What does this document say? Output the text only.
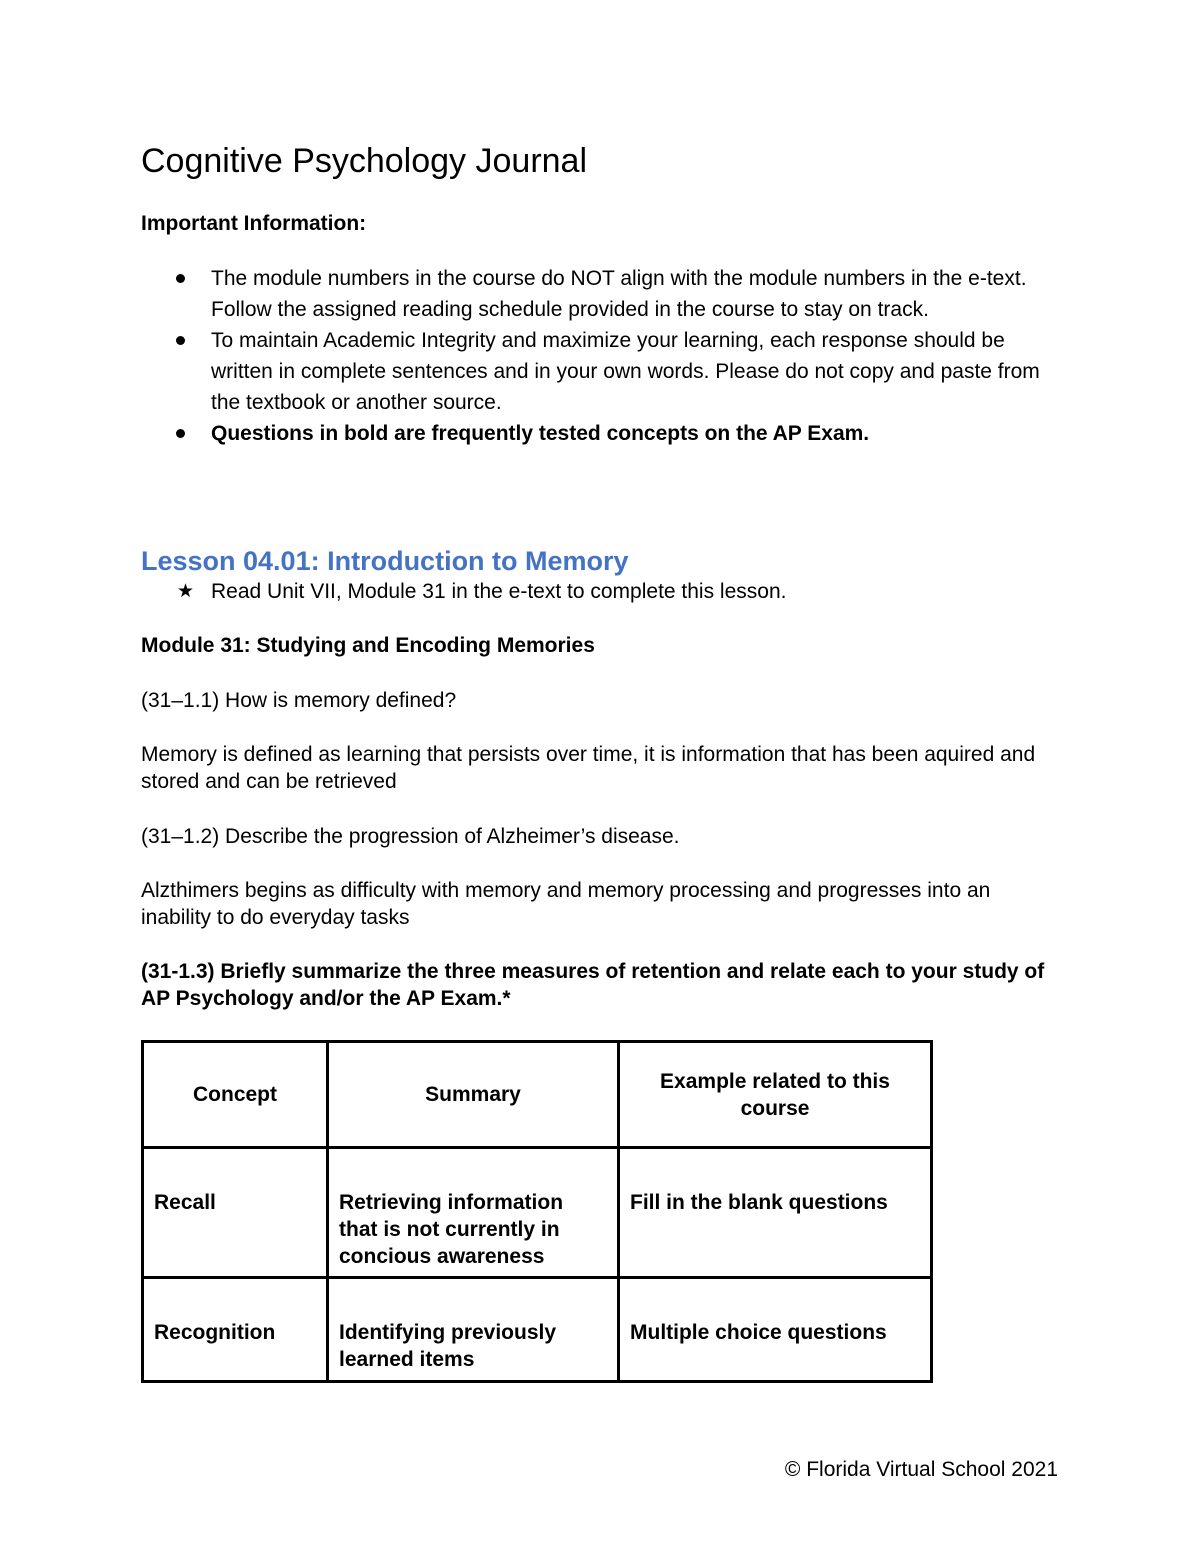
Cognitive Psychology Journal
Important Information:
The module numbers in the course do NOT align with the module numbers in the e-text. Follow the assigned reading schedule provided in the course to stay on track.
To maintain Academic Integrity and maximize your learning, each response should be written in complete sentences and in your own words. Please do not copy and paste from the textbook or another source.
Questions in bold are frequently tested concepts on the AP Exam.
Lesson 04.01: Introduction to Memory
★ Read Unit VII, Module 31 in the e-text to complete this lesson.

Module 31: Studying and Encoding Memories

(31–1.1) How is memory defined?

Memory is defined as learning that persists over time, it is information that has been aquired and stored and can be retrieved

(31–1.2) Describe the progression of Alzheimer’s disease.

Alzthimers begins as difficulty with memory and memory processing and progresses into an inability to do everyday tasks

(31-1.3) Briefly summarize the three measures of retention and relate each to your study of AP Psychology and/or the AP Exam.*

Concept	Summary	Example related to this course
Recall	Retrieving information that is not currently in concious awareness	Fill in the blank questions
Recognition	Identifying previously learned items	Multiple choice questions
© Florida Virtual School 2021
